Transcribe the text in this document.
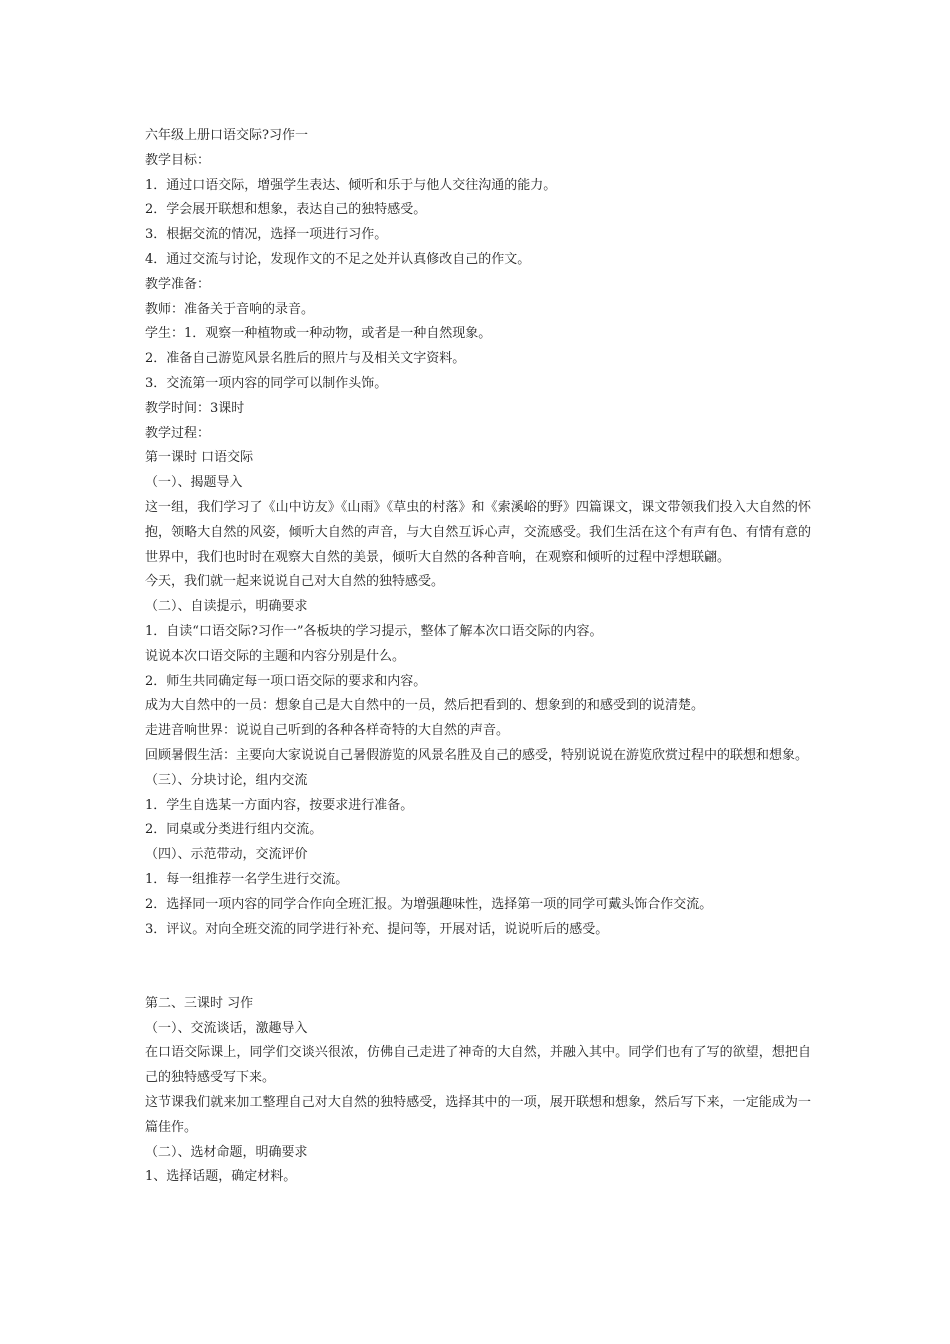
六年级上册口语交际?习作一

教学目标：

1．通过口语交际，增强学生表达、倾听和乐于与他人交往沟通的能力。

2．学会展开联想和想象，表达自己的独特感受。

3．根据交流的情况，选择一项进行习作。

4．通过交流与讨论，发现作文的不足之处并认真修改自己的作文。

教学准备：

教师：准备关于音响的录音。

学生：1．观察一种植物或一种动物，或者是一种自然现象。

2．准备自己游览风景名胜后的照片与及相关文字资料。

3．交流第一项内容的同学可以制作头饰。

教学时间：3课时

教学过程：

第一课时 口语交际

（一）、揭题导入

这一组，我们学习了《山中访友》《山雨》《草虫的村落》和《索溪峪的野》四篇课文，课文带领我们投入大自然的怀抱，领略大自然的风姿，倾听大自然的声音，与大自然互诉心声，交流感受。我们生活在这个有声有色、有情有意的世界中，我们也时时在观察大自然的美景，倾听大自然的各种音响，在观察和倾听的过程中浮想联翩。

今天，我们就一起来说说自己对大自然的独特感受。

（二）、自读提示，明确要求

1．自读“口语交际?习作一”各板块的学习提示，整体了解本次口语交际的内容。

说说本次口语交际的主题和内容分别是什么。

2．师生共同确定每一项口语交际的要求和内容。

成为大自然中的一员：想象自己是大自然中的一员，然后把看到的、想象到的和感受到的说清楚。

走进音响世界：说说自己听到的各种各样奇特的大自然的声音。

回顾暑假生活：主要向大家说说自己暑假游览的风景名胜及自己的感受，特别说说在游览欣赏过程中的联想和想象。

（三）、分块讨论，组内交流

1．学生自选某一方面内容，按要求进行准备。

2．同桌或分类进行组内交流。

（四）、示范带动，交流评价

1．每一组推荐一名学生进行交流。

2．选择同一项内容的同学合作向全班汇报。为增强趣味性，选择第一项的同学可戴头饰合作交流。

3．评议。对向全班交流的同学进行补充、提问等，开展对话，说说听后的感受。

第二、三课时 习作

（一）、交流谈话，激趣导入

在口语交际课上，同学们交谈兴很浓，仿佛自己走进了神奇的大自然，并融入其中。同学们也有了写的欲望，想把自己的独特感受写下来。

这节课我们就来加工整理自己对大自然的独特感受，选择其中的一项，展开联想和想象，然后写下来，一定能成为一篇佳作。

（二）、选材命题，明确要求

1、选择话题，确定材料。
